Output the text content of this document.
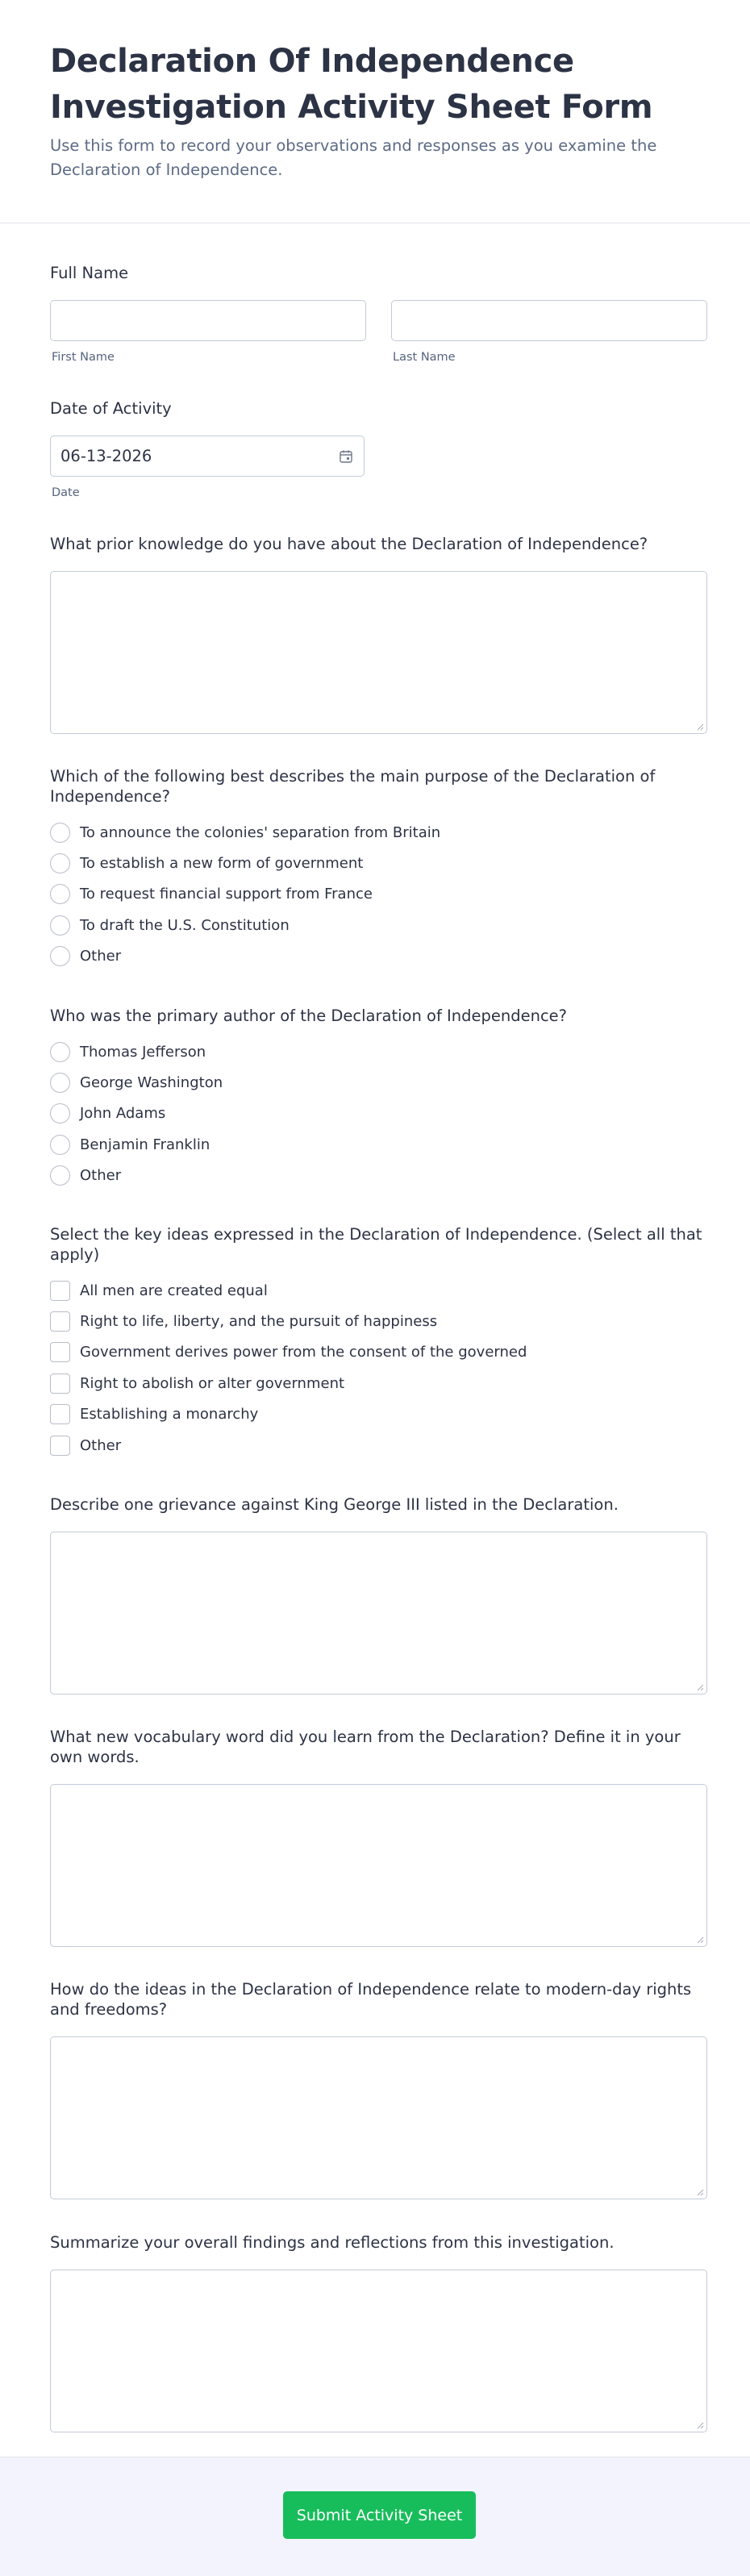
Declaration Of Independence
Investigation Activity Sheet Form

Use this form to record your observations and responses as you examine the Declaration of Independence.

Full Name
First Name	Last Name
Date of Activity
06-13-2026
Date
What prior knowledge do you have about the Declaration of Independence?
Which of the following best describes the main purpose of the Declaration of Independence?
To announce the colonies' separation from Britain
To establish a new form of government
To request financial support from France
To draft the U.S. Constitution
Other
Who was the primary author of the Declaration of Independence?
Thomas Jefferson
George Washington
John Adams
Benjamin Franklin
Other
Select the key ideas expressed in the Declaration of Independence. (Select all that apply)
All men are created equal
Right to life, liberty, and the pursuit of happiness
Government derives power from the consent of the governed
Right to abolish or alter government
Establishing a monarchy
Other
Describe one grievance against King George III listed in the Declaration.
What new vocabulary word did you learn from the Declaration? Define it in your own words.
How do the ideas in the Declaration of Independence relate to modern-day rights and freedoms?
Summarize your overall findings and reflections from this investigation.
Submit Activity Sheet
